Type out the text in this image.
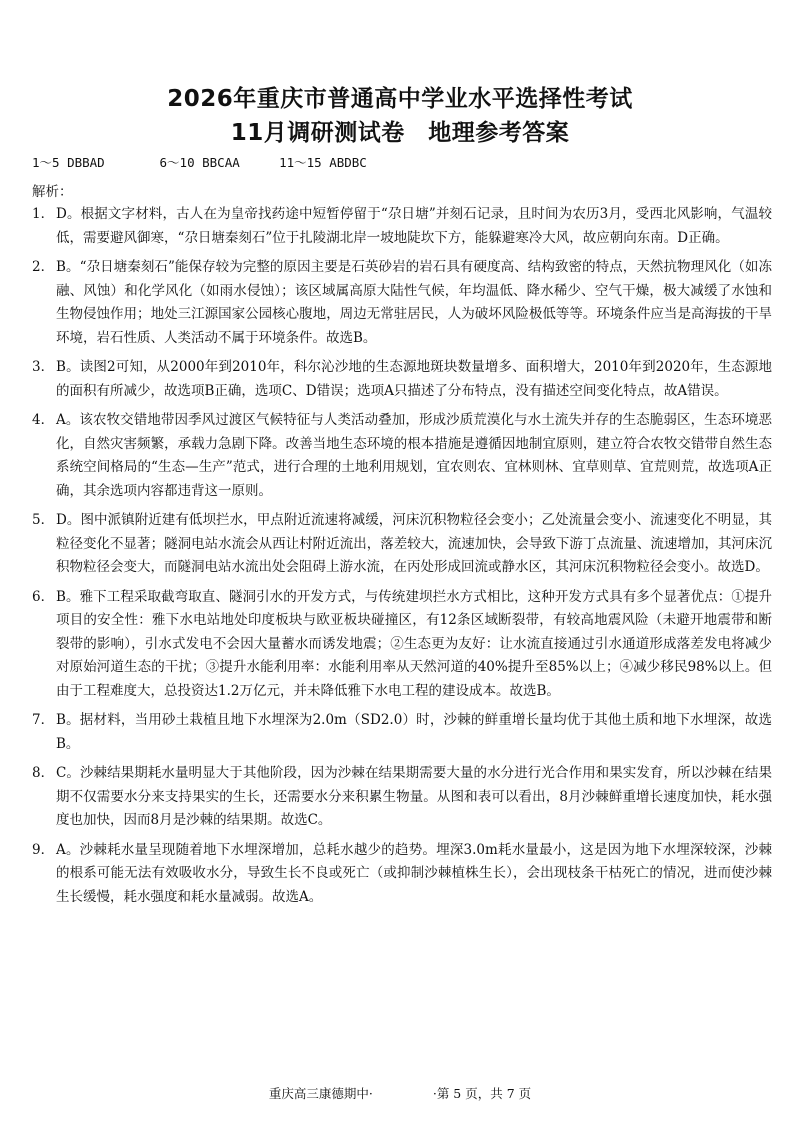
2026年重庆市普通高中学业水平选择性考试
11月调研测试卷　地理参考答案
1～5 DBBAD	6～10 BBCAA	11～15 ABDBC
解析：
1． D。根据文字材料，古人在为皇帝找药途中短暂停留于“尕日塘”并刻石记录，且时间为农历3月，受西北风影响，气温较低，需要避风御寒，“尕日塘秦刻石”位于扎陵湖北岸一坡地陡坎下方，能躲避寒冷大风，故应朝向东南。D正确。
2． B。“尕日塘秦刻石”能保存较为完整的原因主要是石英砂岩的岩石具有硬度高、结构致密的特点，天然抗物理风化（如冻融、风蚀）和化学风化（如雨水侵蚀）；该区域属高原大陆性气候，年均温低、降水稀少、空气干燥，极大减缓了水蚀和生物侵蚀作用；地处三江源国家公园核心腹地，周边无常驻居民，人为破坏风险极低等等。环境条件应当是高海拔的干旱环境，岩石性质、人类活动不属于环境条件。故选B。
3． B。读图2可知，从2000年到2010年，科尔沁沙地的生态源地斑块数量增多、面积增大，2010年到2020年，生态源地的面积有所减少，故选项B正确，选项C、D错误；选项A只描述了分布特点，没有描述空间变化特点，故A错误。
4． A。该农牧交错地带因季风过渡区气候特征与人类活动叠加，形成沙质荒漠化与水土流失并存的生态脆弱区，生态环境恶化，自然灾害频繁，承载力急剧下降。改善当地生态环境的根本措施是遵循因地制宜原则，建立符合农牧交错带自然生态系统空间格局的“生态—生产”范式，进行合理的土地利用规划，宜农则农、宜林则林、宜草则草、宜荒则荒，故选项A正确，其余选项内容都违背这一原则。
5． D。图中派镇附近建有低坝拦水，甲点附近流速将减缓，河床沉积物粒径会变小；乙处流量会变小、流速变化不明显，其粒径变化不显著；隧洞电站水流会从西让村附近流出，落差较大，流速加快，会导致下游丁点流量、流速增加，其河床沉积物粒径会变大，而隧洞电站水流出处会阻碍上游水流，在丙处形成回流或静水区，其河床沉积物粒径会变小。故选D。
6． B。雅下工程采取截弯取直、隧洞引水的开发方式，与传统建坝拦水方式相比，这种开发方式具有多个显著优点：①提升项目的安全性：雅下水电站地处印度板块与欧亚板块碰撞区，有12条区域断裂带，有较高地震风险（未避开地震带和断裂带的影响），引水式发电不会因大量蓄水而诱发地震；②生态更为友好：让水流直接通过引水通道形成落差发电将减少对原始河道生态的干扰；③提升水能利用率：水能利用率从天然河道的40%提升至85%以上；④减少移民98%以上。但由于工程难度大，总投资达1.2万亿元，并未降低雅下水电工程的建设成本。故选B。
7． B。据材料，当用砂土栽植且地下水埋深为2.0m（SD2.0）时，沙棘的鲜重增长量均优于其他土质和地下水埋深，故选B。
8． C。沙棘结果期耗水量明显大于其他阶段，因为沙棘在结果期需要大量的水分进行光合作用和果实发育，所以沙棘在结果期不仅需要水分来支持果实的生长，还需要水分来积累生物量。从图和表可以看出，8月沙棘鲜重增长速度加快，耗水强度也加快，因而8月是沙棘的结果期。故选C。
9． A。沙棘耗水量呈现随着地下水埋深增加，总耗水越少的趋势。埋深3.0m耗水量最小，这是因为地下水埋深较深，沙棘的根系可能无法有效吸收水分，导致生长不良或死亡（或抑制沙棘植株生长），会出现枝条干枯死亡的情况，进而使沙棘生长缓慢，耗水强度和耗水量减弱。故选A。
重庆高三康德期中·	·第 5 页，共 7 页
